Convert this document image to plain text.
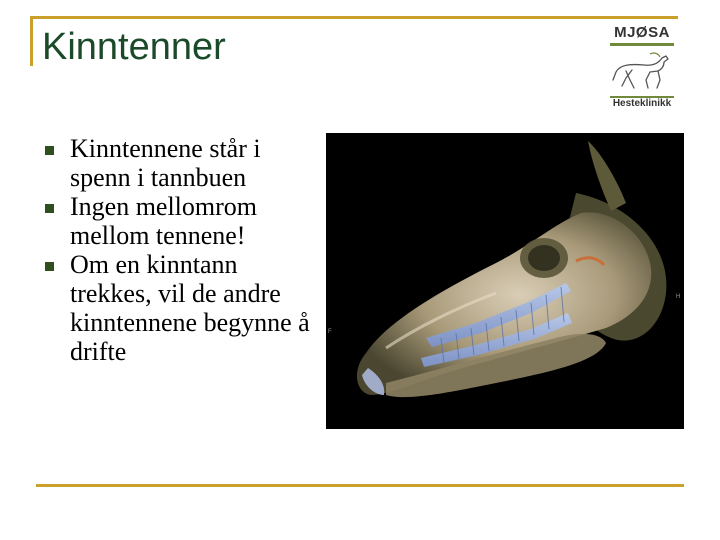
Kinntenner	MJØSA
Hesteklinikk
Kinntennene står i spenn i tannbuen
Ingen mellomrom mellom tennene!
Om en kinntann trekkes, vil de andre kinntennene begynne å drifte
F
H
